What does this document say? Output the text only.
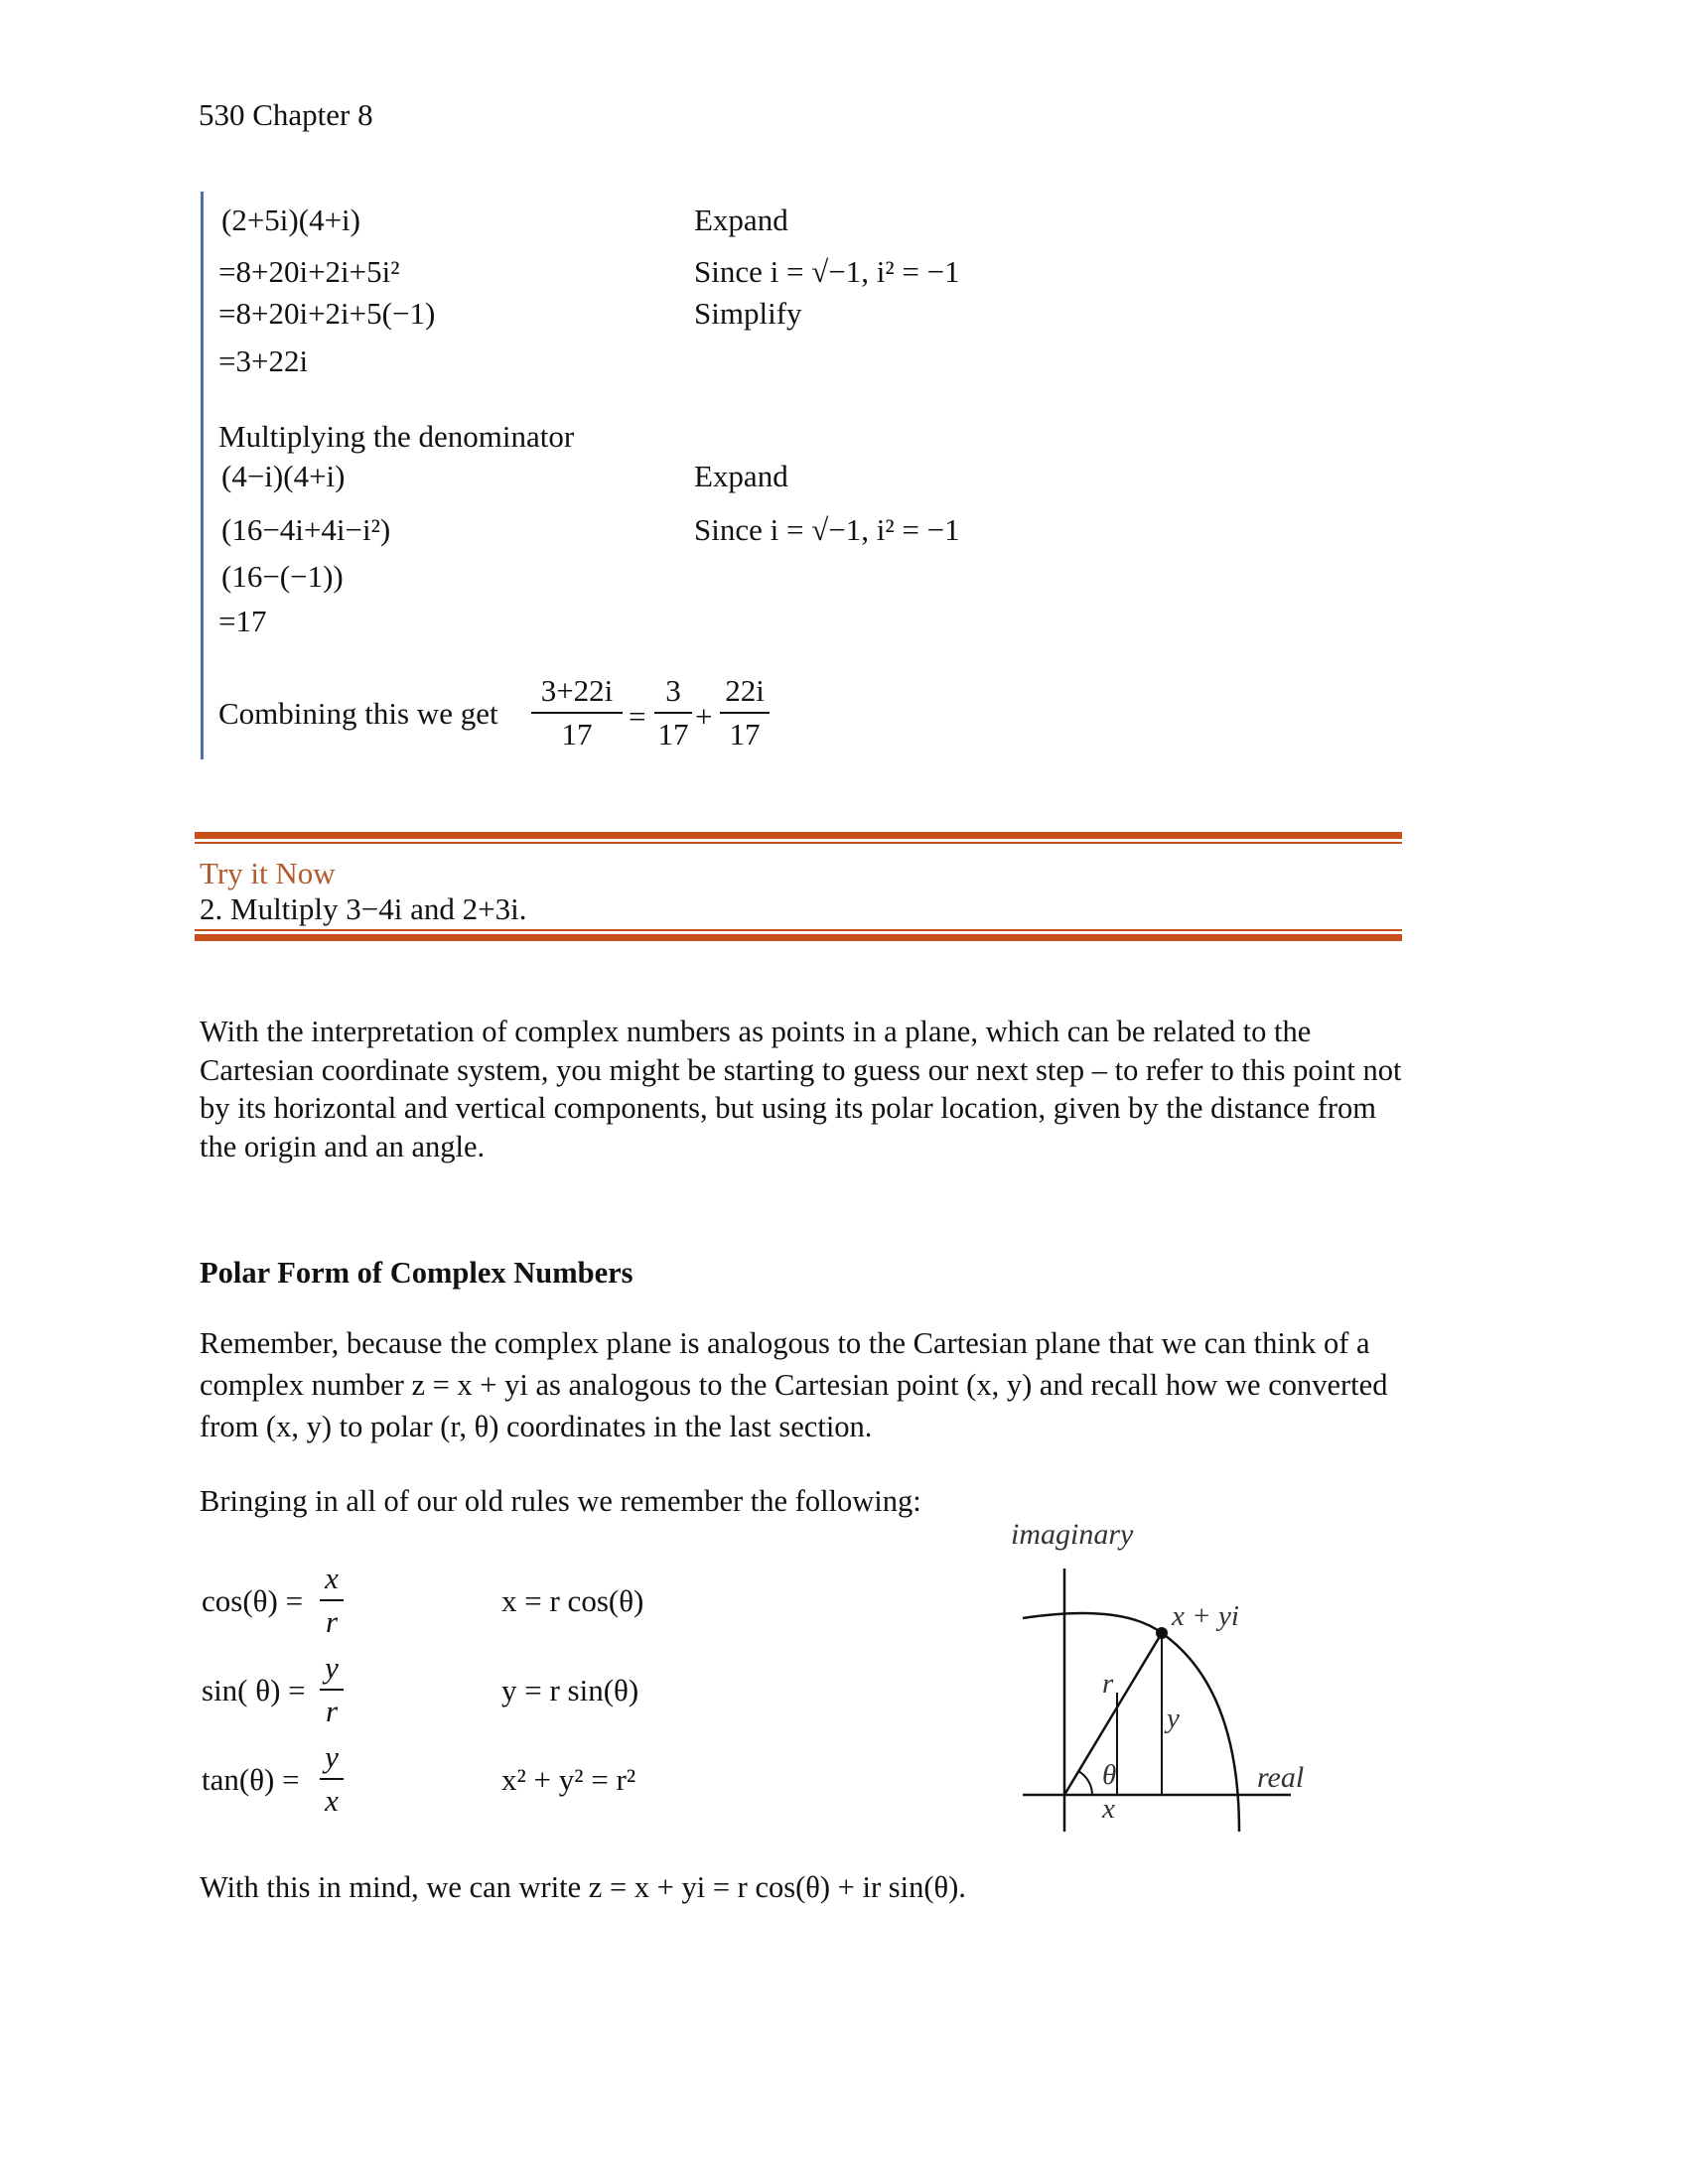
530 Chapter 8
(2+5i)(4+i)
=8+20i+2i+5i²
=8+20i+2i+5(−1)
=3+22i
Expand
Since i = √−1, i² = −1
Simplify
Multiplying the denominator
(4−i)(4+i)
(16−4i+4i−i²)
(16−(−1))
=17
Expand
Since i = √−1, i² = −1
Combining this we get
3+22i
17
=
3
17
+
22i
17
Try it Now
2. Multiply 3−4i and 2+3i.

With the interpretation of complex numbers as points in a plane, which can be related to the Cartesian coordinate system, you might be starting to guess our next step – to refer to this point not by its horizontal and vertical components, but using its polar location, given by the distance from the origin and an angle.

Polar Form of Complex Numbers

Remember, because the complex plane is analogous to the Cartesian plane that we can think of a complex number z = x + yi as analogous to the Cartesian point (x, y) and recall how we converted from (x, y) to polar (r, θ) coordinates in the last section.

Bringing in all of our old rules we remember the following:
cos(θ) =
x
r
sin( θ) =
y
r
tan(θ) =
y
x
x = r cos(θ)
y = r sin(θ)
x² + y² = r²
imaginary
real
x + yi
r
y
x
θ
With this in mind, we can write z = x + yi = r cos(θ) + ir sin(θ).
